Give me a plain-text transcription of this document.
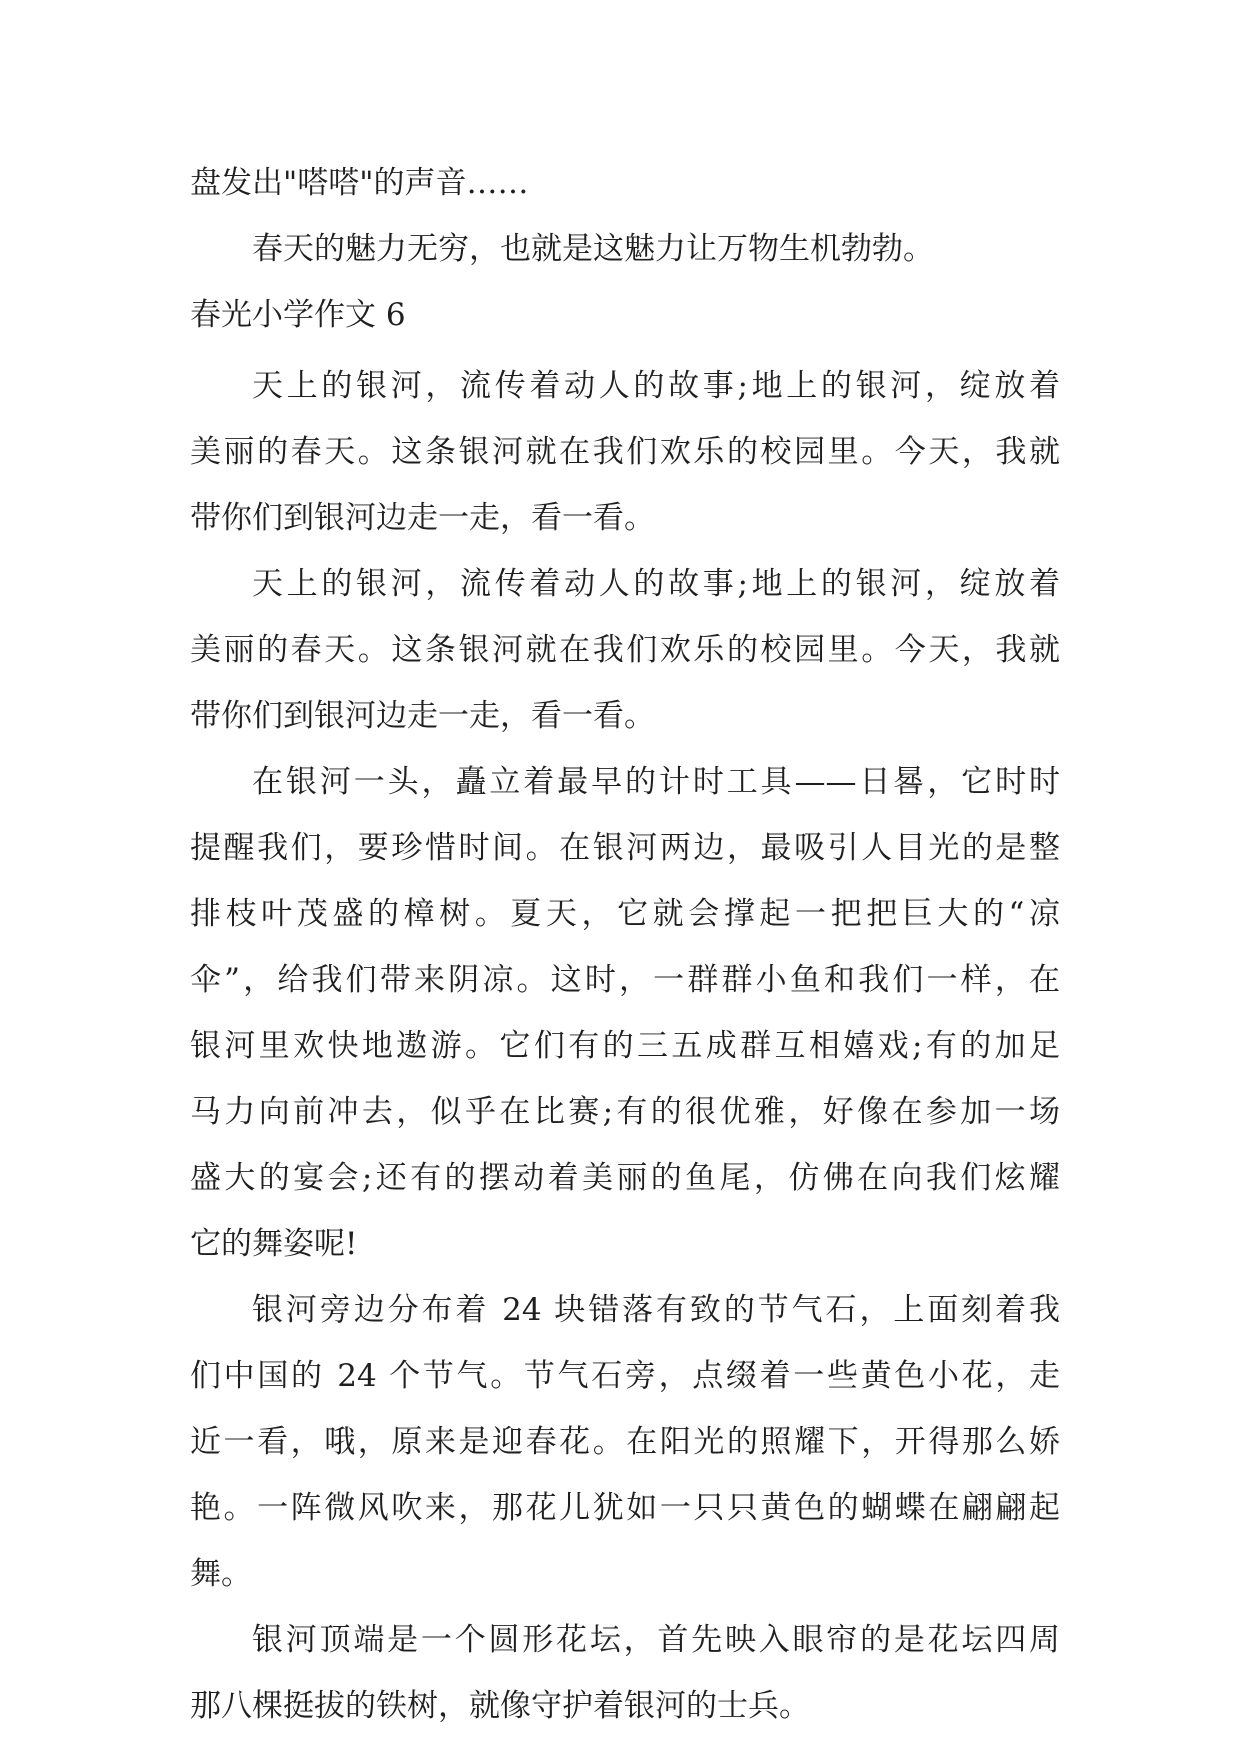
盘发出"嗒嗒"的声音……
春天的魅力无穷，也就是这魅力让万物生机勃勃。
春光小学作文 6
天上的银河，流传着动人的故事;地上的银河，绽放着
美丽的春天。这条银河就在我们欢乐的校园里。今天，我就
带你们到银河边走一走，看一看。
天上的银河，流传着动人的故事;地上的银河，绽放着
美丽的春天。这条银河就在我们欢乐的校园里。今天，我就
带你们到银河边走一走，看一看。
在银河一头，矗立着最早的计时工具——日晷，它时时
提醒我们，要珍惜时间。在银河两边，最吸引人目光的是整
排枝叶茂盛的樟树。夏天，它就会撑起一把把巨大的“凉
伞”，给我们带来阴凉。这时，一群群小鱼和我们一样，在
银河里欢快地遨游。它们有的三五成群互相嬉戏;有的加足
马力向前冲去，似乎在比赛;有的很优雅，好像在参加一场
盛大的宴会;还有的摆动着美丽的鱼尾，仿佛在向我们炫耀
它的舞姿呢!
银河旁边分布着 24 块错落有致的节气石，上面刻着我
们中国的 24 个节气。节气石旁，点缀着一些黄色小花，走
近一看，哦，原来是迎春花。在阳光的照耀下，开得那么娇
艳。一阵微风吹来，那花儿犹如一只只黄色的蝴蝶在翩翩起
舞。
银河顶端是一个圆形花坛，首先映入眼帘的是花坛四周
那八棵挺拔的铁树，就像守护着银河的士兵。
